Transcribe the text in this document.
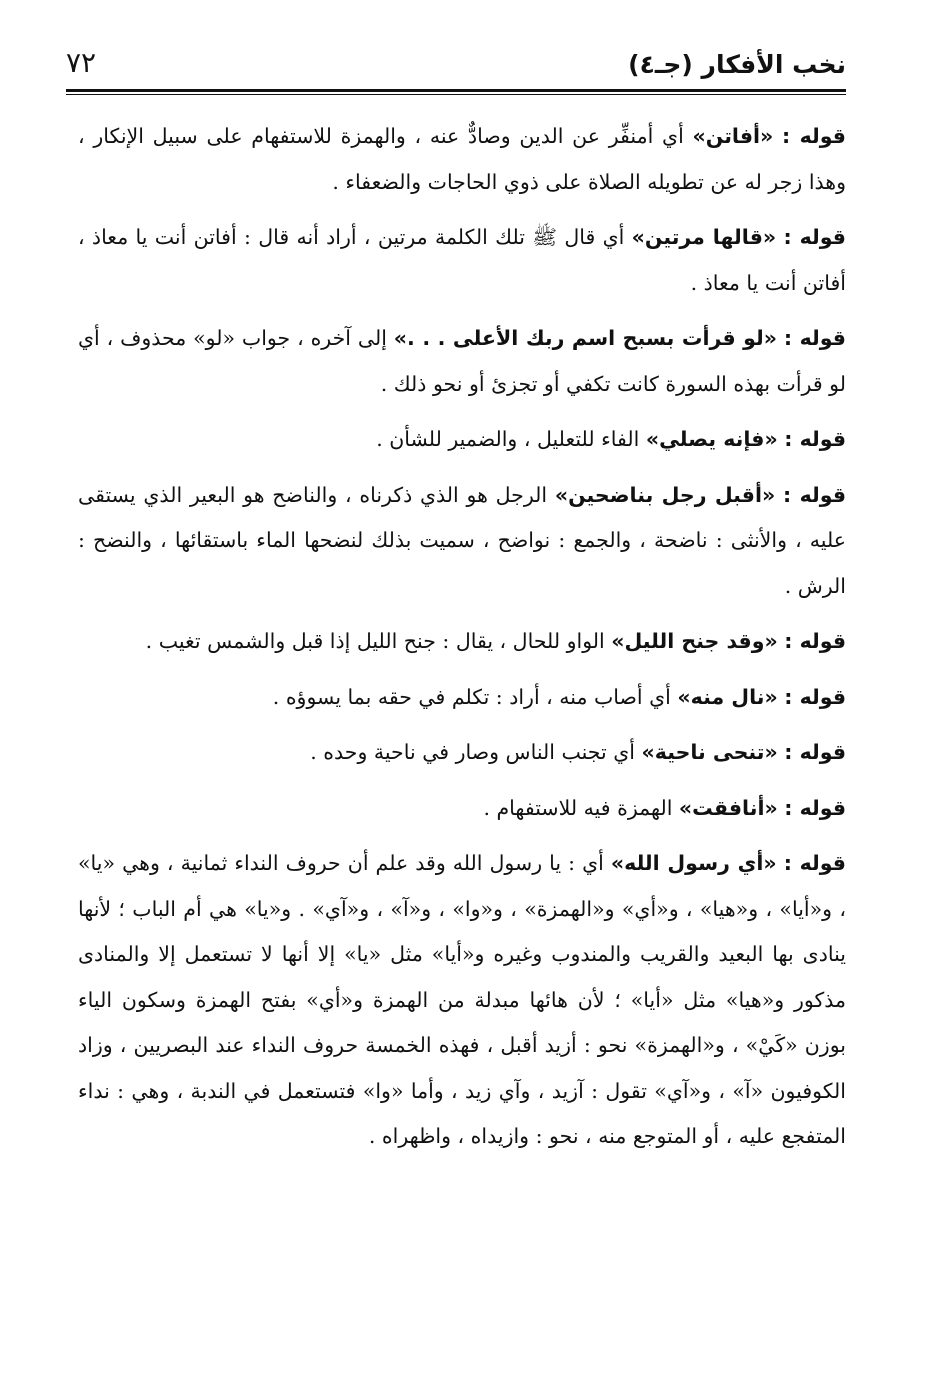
نخب الأفكار (جـ٤)
٧٢

قوله : «أفاتن» أي أمنفِّر عن الدين وصادٌّ عنه ، والهمزة للاستفهام على سبيل الإنكار ، وهذا زجر له عن تطويله الصلاة على ذوي الحاجات والضعفاء .

قوله : «قالها مرتين» أي قال ﷺ تلك الكلمة مرتين ، أراد أنه قال : أفاتن أنت يا معاذ ، أفاتن أنت يا معاذ .

قوله : «لو قرأت بسبح اسم ربك الأعلى . . .» إلى آخره ، جواب «لو» محذوف ، أي لو قرأت بهذه السورة كانت تكفي أو تجزئ أو نحو ذلك .

قوله : «فإنه يصلي» الفاء للتعليل ، والضمير للشأن .

قوله : «أقبل رجل بناضحين» الرجل هو الذي ذكرناه ، والناضح هو البعير الذي يستقى عليه ، والأنثى : ناضحة ، والجمع : نواضح ، سميت بذلك لنضحها الماء باستقائها ، والنضح : الرش .

قوله : «وقد جنح الليل» الواو للحال ، يقال : جنح الليل إذا قبل والشمس تغيب .

قوله : «نال منه» أي أصاب منه ، أراد : تكلم في حقه بما يسوؤه .

قوله : «تنحى ناحية» أي تجنب الناس وصار في ناحية وحده .

قوله : «أنافقت» الهمزة فيه للاستفهام .

قوله : «أي رسول الله» أي : يا رسول الله وقد علم أن حروف النداء ثمانية ، وهي «يا» ، و«أيا» ، و«هيا» ، و«أي» و«الهمزة» ، و«وا» ، و«آ» ، و«آي» . و«يا» هي أم الباب ؛ لأنها ينادى بها البعيد والقريب والمندوب وغيره و«أيا» مثل «يا» إلا أنها لا تستعمل إلا والمنادى مذكور و«هيا» مثل «أيا» ؛ لأن هائها مبدلة من الهمزة و«أي» بفتح الهمزة وسكون الياء بوزن «كَيْ» ، و«الهمزة» نحو : أزيد أقبل ، فهذه الخمسة حروف النداء عند البصريين ، وزاد الكوفيون «آ» ، و«آي» تقول : آزيد ، وآي زيد ، وأما «وا» فتستعمل في الندبة ، وهي : نداء المتفجع عليه ، أو المتوجع منه ، نحو : وازيداه ، واظهراه .
